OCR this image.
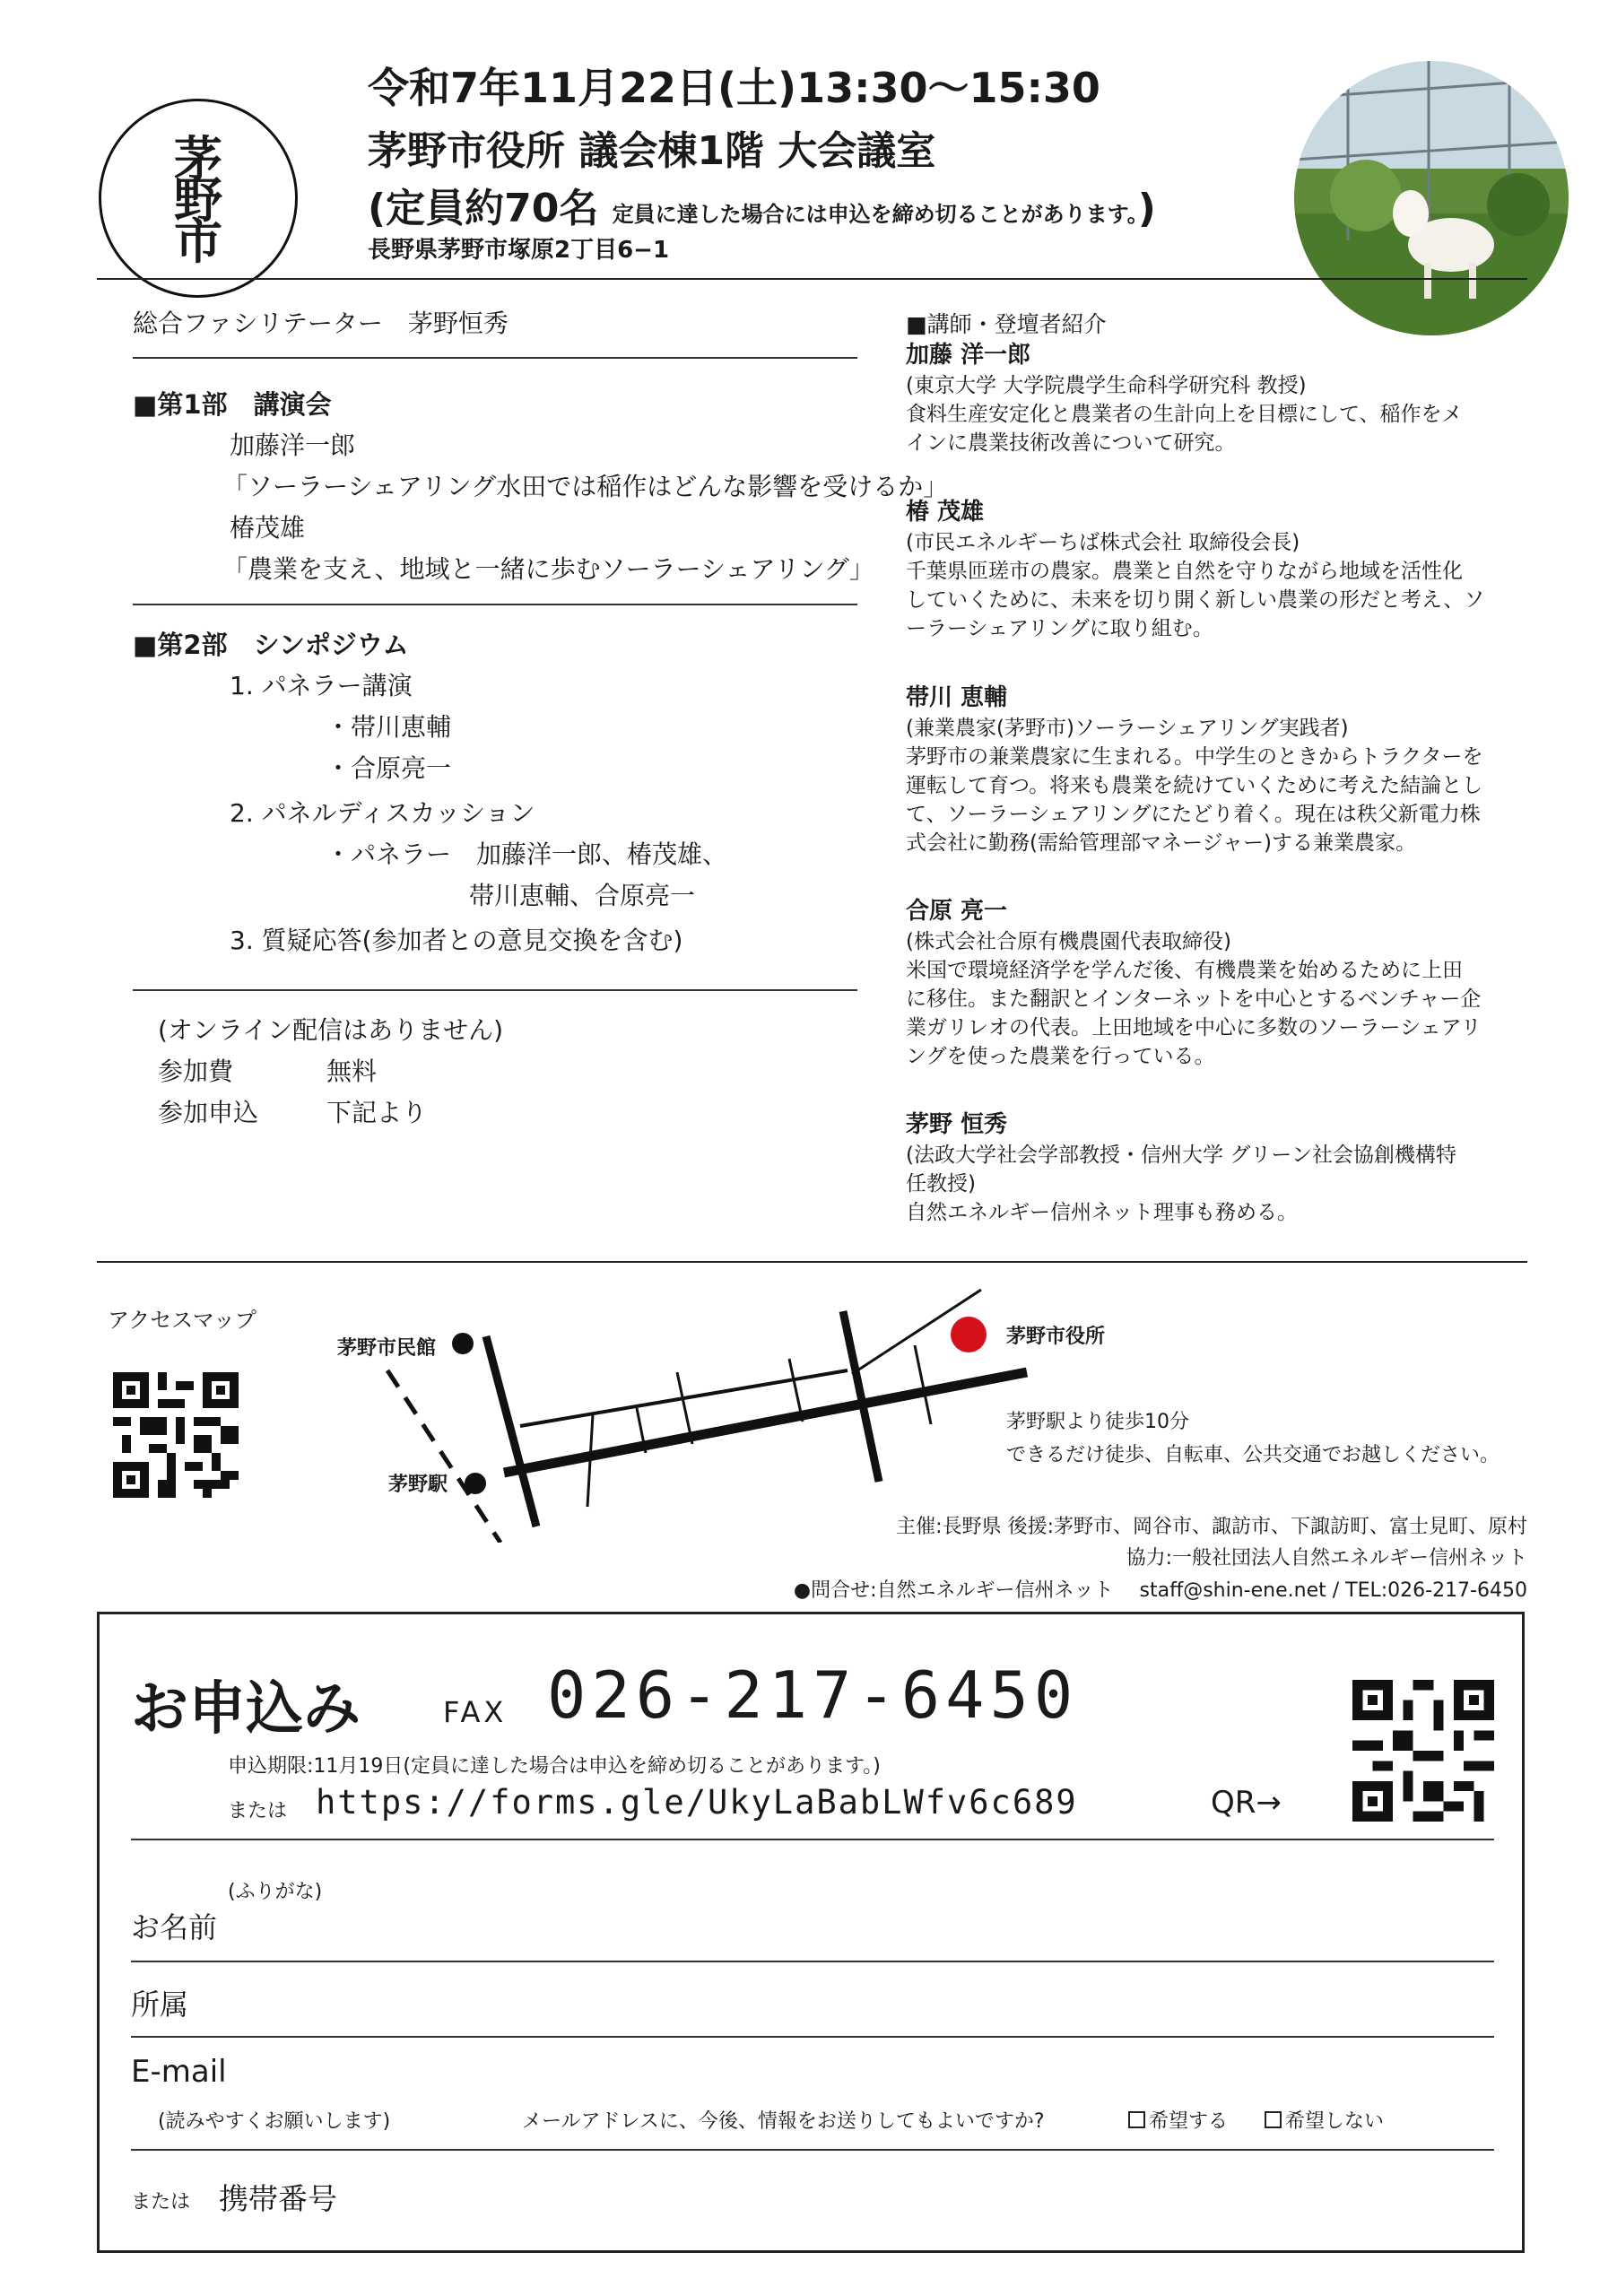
茅
野
市
令和7年11月22日(土)13:30〜15:30
茅野市役所 議会棟1階 大会議室
(定員約70名 定員に達した場合には申込を締め切ることがあります。)
長野県茅野市塚原2丁目6−1
総合ファシリテーター　茅野恒秀
■第1部　講演会
加藤洋一郎
「ソーラーシェアリング水田では稲作はどんな影響を受けるか」
椿茂雄
「農業を支え、地域と一緒に歩むソーラーシェアリング」
■第2部　シンポジウム
1. パネラー講演
・帯川恵輔
・合原亮一
2. パネルディスカッション
・パネラー　加藤洋一郎、椿茂雄、
帯川恵輔、合原亮一
3. 質疑応答(参加者との意見交換を含む)
(オンライン配信はありません)
参加費	無料
参加申込	下記より
■講師・登壇者紹介
加藤 洋一郎
(東京大学 大学院農学生命科学研究科 教授)
食料生産安定化と農業者の生計向上を目標にして、稲作をメ
インに農業技術改善について研究。
椿 茂雄
(市民エネルギーちば株式会社 取締役会長)
千葉県匝瑳市の農家。農業と自然を守りながら地域を活性化
していくために、未来を切り開く新しい農業の形だと考え、ソ
ーラーシェアリングに取り組む。
帯川 恵輔
(兼業農家(茅野市)ソーラーシェアリング実践者)
茅野市の兼業農家に生まれる。中学生のときからトラクターを
運転して育つ。将来も農業を続けていくために考えた結論とし
て、ソーラーシェアリングにたどり着く。現在は秩父新電力株
式会社に勤務(需給管理部マネージャー)する兼業農家。
合原 亮一
(株式会社合原有機農園代表取締役)
米国で環境経済学を学んだ後、有機農業を始めるために上田
に移住。また翻訳とインターネットを中心とするベンチャー企
業ガリレオの代表。上田地域を中心に多数のソーラーシェアリ
ングを使った農業を行っている。
茅野 恒秀
(法政大学社会学部教授・信州大学 グリーン社会協創機構特
任教授)
自然エネルギー信州ネット理事も務める。
アクセスマップ
茅野市民館
茅野駅
茅野市役所
茅野駅より徒歩10分
できるだけ徒歩、自転車、公共交通でお越しください。
主催:長野県 後援:茅野市、岡谷市、諏訪市、下諏訪町、富士見町、原村
協力:一般社団法人自然エネルギー信州ネット
●問合せ:自然エネルギー信州ネット　 staff@shin-ene.net / TEL:026-217-6450
お申込み	FAX 026-217-6450
申込期限:11月19日(定員に達した場合は申込を締め切ることがあります。)
または https://forms.gle/UkyLaBabLWfv6c689	QR→
(ふりがな)
お名前
所属
E-mail
(読みやすくお願いします)	メールアドレスに、今後、情報をお送りしてもよいですか?	希望する	希望しない
または 携帯番号
